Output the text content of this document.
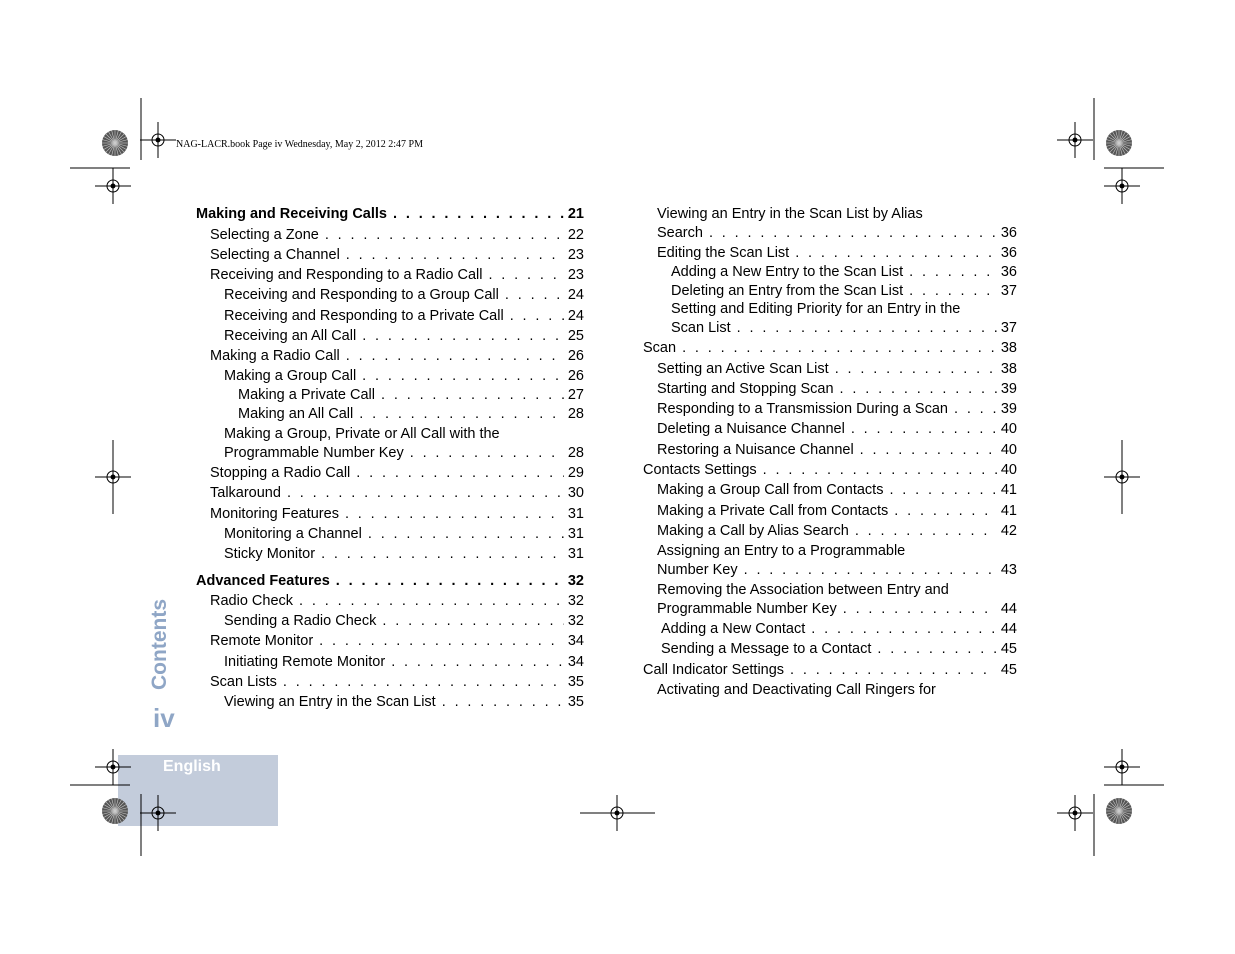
NAG-LACR.book Page iv Wednesday, May 2, 2012 2:47 PM
Making and Receiving Calls . . .	21
Selecting a Zone . . .	22
Selecting a Channel . . .	23
Receiving and Responding to a Radio Call . . .	23
Receiving and Responding to a Group Call . . .	24
Receiving and Responding to a Private Call . . .	24
Receiving an All Call . . .	25
Making a Radio Call . . .	26
Making a Group Call . . .	26
Making a Private Call . . .	27
Making an All Call . . .	28
Making a Group, Private or All Call with the
Programmable Number Key . . .	28
Stopping a Radio Call . . .	29
Talkaround . . .	30
Monitoring Features . . .	31
Monitoring a Channel . . .	31
Sticky Monitor . . .	31
Advanced Features . . .	32
Radio Check . . .	32
Sending a Radio Check . . .	32
Remote Monitor . . .	34
Initiating Remote Monitor . . .	34
Scan Lists . . .	35
Viewing an Entry in the Scan List . . .	35
Viewing an Entry in the Scan List by Alias
Search . . .	36
Editing the Scan List . . .	36
Adding a New Entry to the Scan List . . .	36
Deleting an Entry from the Scan List . . .	37
Setting and Editing Priority for an Entry in the
Scan List . . .	37
Scan . . .	38
Setting an Active Scan List . . .	38
Starting and Stopping Scan . . .	39
Responding to a Transmission During a Scan . . .	39
Deleting a Nuisance Channel . . .	40
Restoring a Nuisance Channel . . .	40
Contacts Settings . . .	40
Making a Group Call from Contacts . . .	41
Making a Private Call from Contacts . . .	41
Making a Call by Alias Search . . .	42
Assigning an Entry to a Programmable
Number Key . . .	43
Removing the Association between Entry and
Programmable Number Key . . .	44
Adding a New Contact . . .	44
Sending a Message to a Contact . . .	45
Call Indicator Settings . . .	45
Activating and Deactivating Call Ringers for
Contents
iv
English
